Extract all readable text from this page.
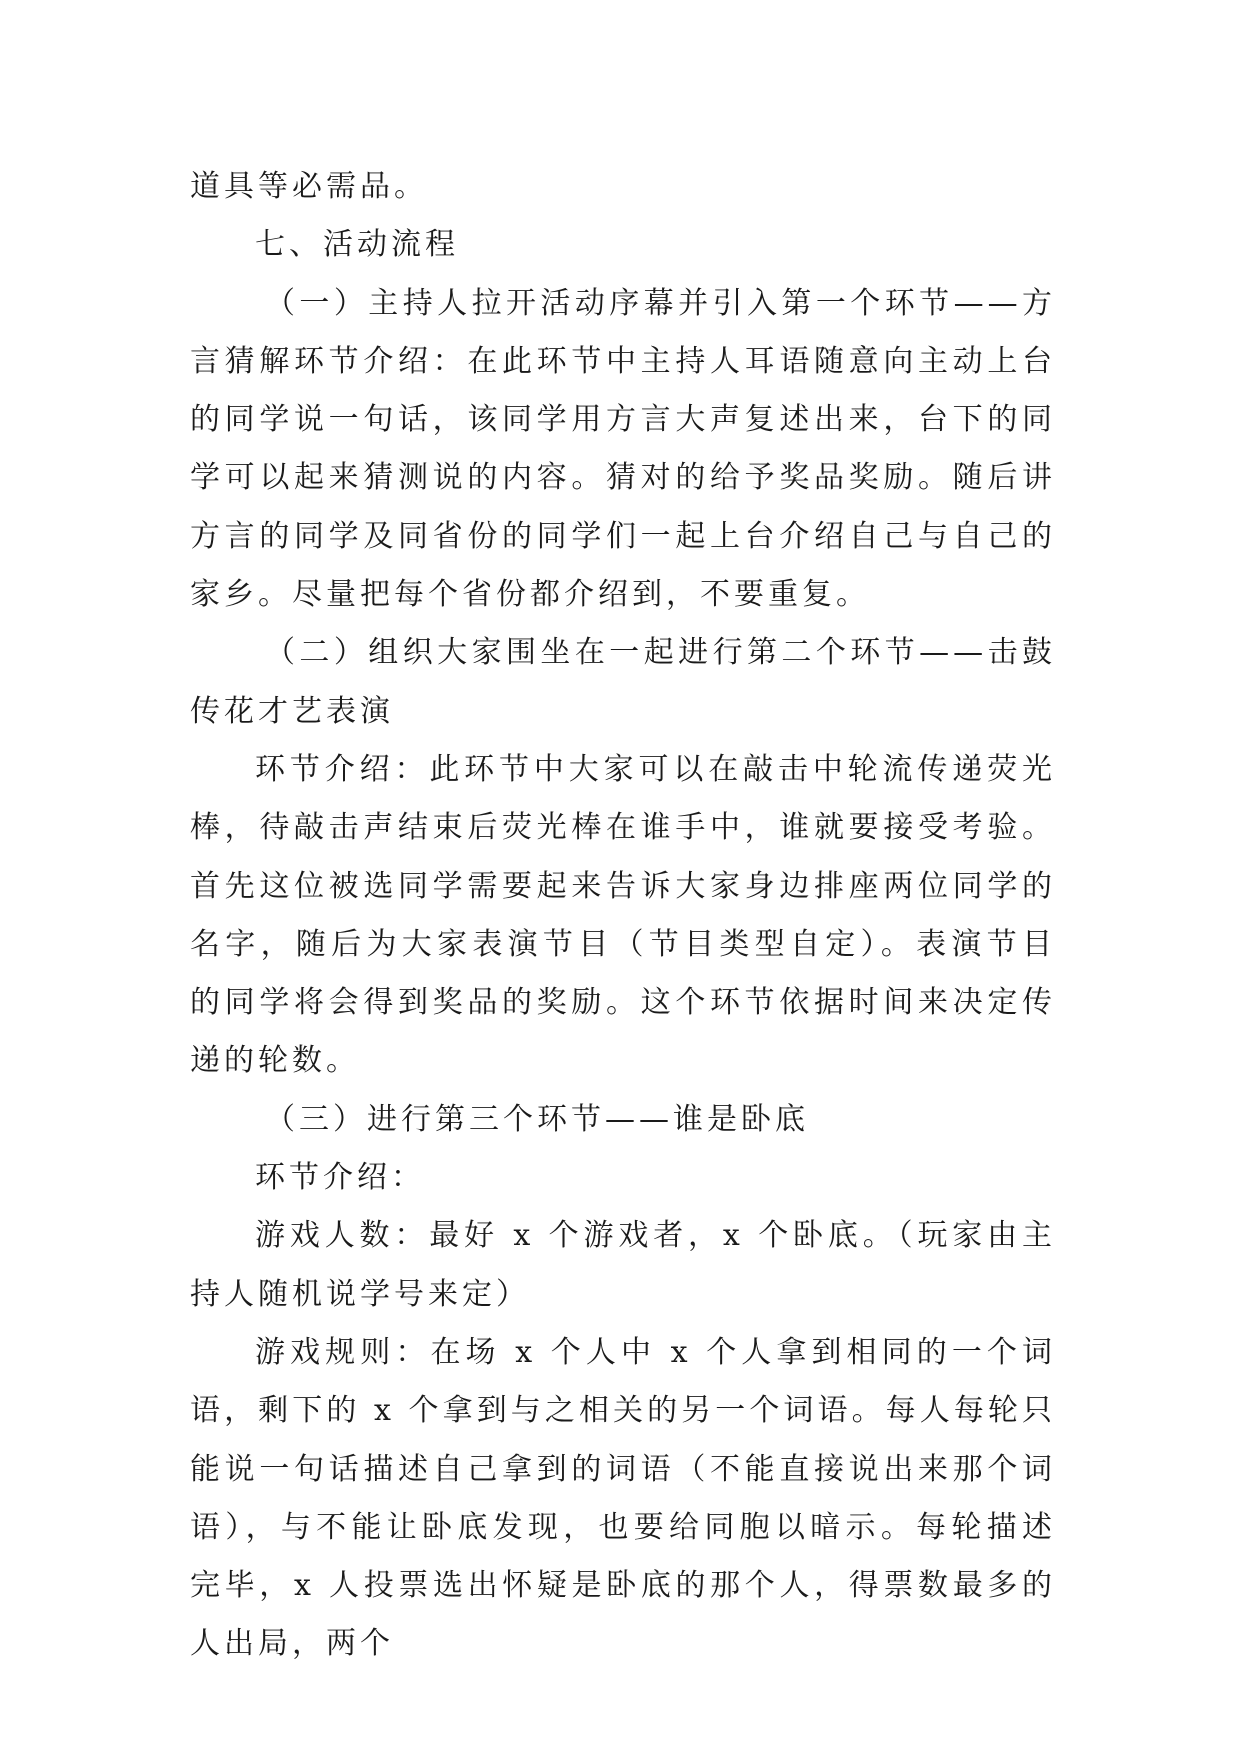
道具等必需品。

七、活动流程

（一）主持人拉开活动序幕并引入第一个环节——方言猜解环节介绍：在此环节中主持人耳语随意向主动上台的同学说一句话，该同学用方言大声复述出来，台下的同学可以起来猜测说的内容。猜对的给予奖品奖励。随后讲方言的同学及同省份的同学们一起上台介绍自己与自己的家乡。尽量把每个省份都介绍到，不要重复。

（二）组织大家围坐在一起进行第二个环节——击鼓传花才艺表演

环节介绍：此环节中大家可以在敲击中轮流传递荧光棒，待敲击声结束后荧光棒在谁手中，谁就要接受考验。首先这位被选同学需要起来告诉大家身边排座两位同学的名字，随后为大家表演节目（节目类型自定）。表演节目的同学将会得到奖品的奖励。这个环节依据时间来决定传递的轮数。

（三）进行第三个环节——谁是卧底

环节介绍：

游戏人数：最好 x 个游戏者，x 个卧底。（玩家由主持人随机说学号来定）

游戏规则：在场 x 个人中 x 个人拿到相同的一个词语，剩下的 x 个拿到与之相关的另一个词语。每人每轮只能说一句话描述自己拿到的词语（不能直接说出来那个词语），与不能让卧底发现，也要给同胞以暗示。每轮描述完毕，x 人投票选出怀疑是卧底的那个人，得票数最多的人出局，两个
